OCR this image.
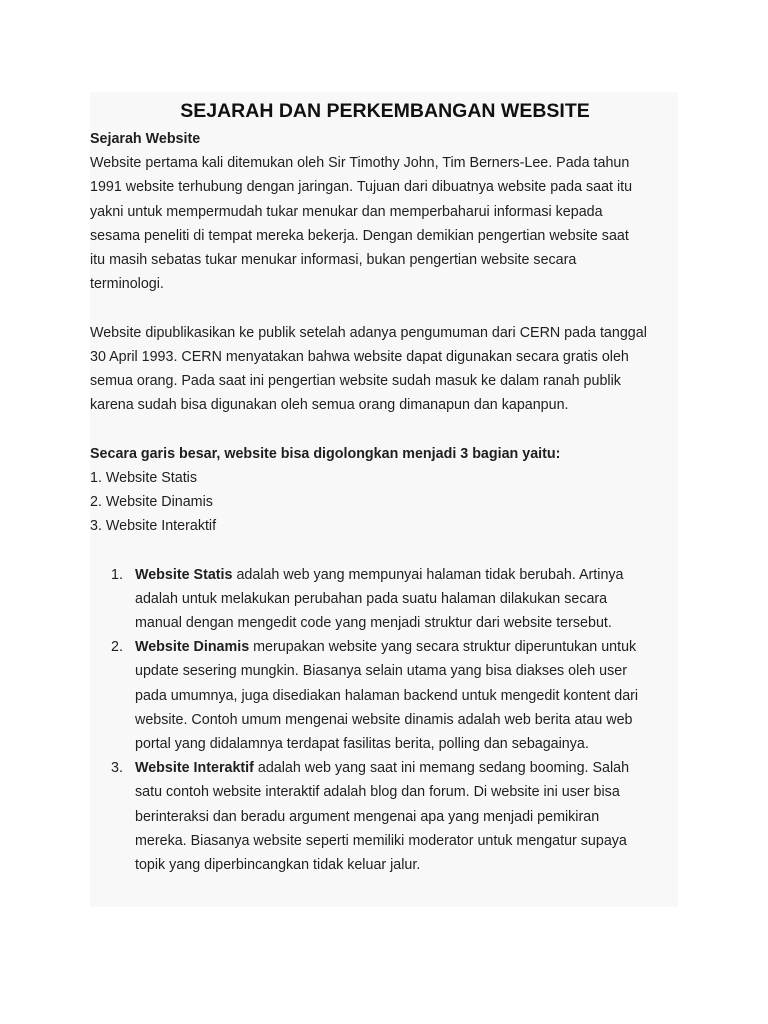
SEJARAH DAN PERKEMBANGAN WEBSITE
Sejarah Website
Website pertama kali ditemukan oleh Sir Timothy John, Tim Berners-Lee. Pada tahun
1991 website terhubung dengan jaringan. Tujuan dari dibuatnya website pada saat itu
yakni untuk mempermudah tukar menukar dan memperbaharui informasi kepada
sesama peneliti di tempat mereka bekerja. Dengan demikian pengertian website saat
itu masih sebatas tukar menukar informasi, bukan pengertian website secara
terminologi.
Website dipublikasikan ke publik setelah adanya pengumuman dari CERN pada tanggal
30 April 1993. CERN menyatakan bahwa website dapat digunakan secara gratis oleh
semua orang. Pada saat ini pengertian website sudah masuk ke dalam ranah publik
karena sudah bisa digunakan oleh semua orang dimanapun dan kapanpun.
Secara garis besar, website bisa digolongkan menjadi 3 bagian yaitu:
1. Website Statis
2. Website Dinamis
3. Website Interaktif
1. Website Statis adalah web yang mempunyai halaman tidak berubah. Artinya
adalah untuk melakukan perubahan pada suatu halaman dilakukan secara
manual dengan mengedit code yang menjadi struktur dari website tersebut.
2. Website Dinamis merupakan website yang secara struktur diperuntukan untuk
update sesering mungkin. Biasanya selain utama yang bisa diakses oleh user
pada umumnya, juga disediakan halaman backend untuk mengedit kontent dari
website. Contoh umum mengenai website dinamis adalah web berita atau web
portal yang didalamnya terdapat fasilitas berita, polling dan sebagainya.
3. Website Interaktif adalah web yang saat ini memang sedang booming. Salah
satu contoh website interaktif adalah blog dan forum. Di website ini user bisa
berinteraksi dan beradu argument mengenai apa yang menjadi pemikiran
mereka. Biasanya website seperti memiliki moderator untuk mengatur supaya
topik yang diperbincangkan tidak keluar jalur.
